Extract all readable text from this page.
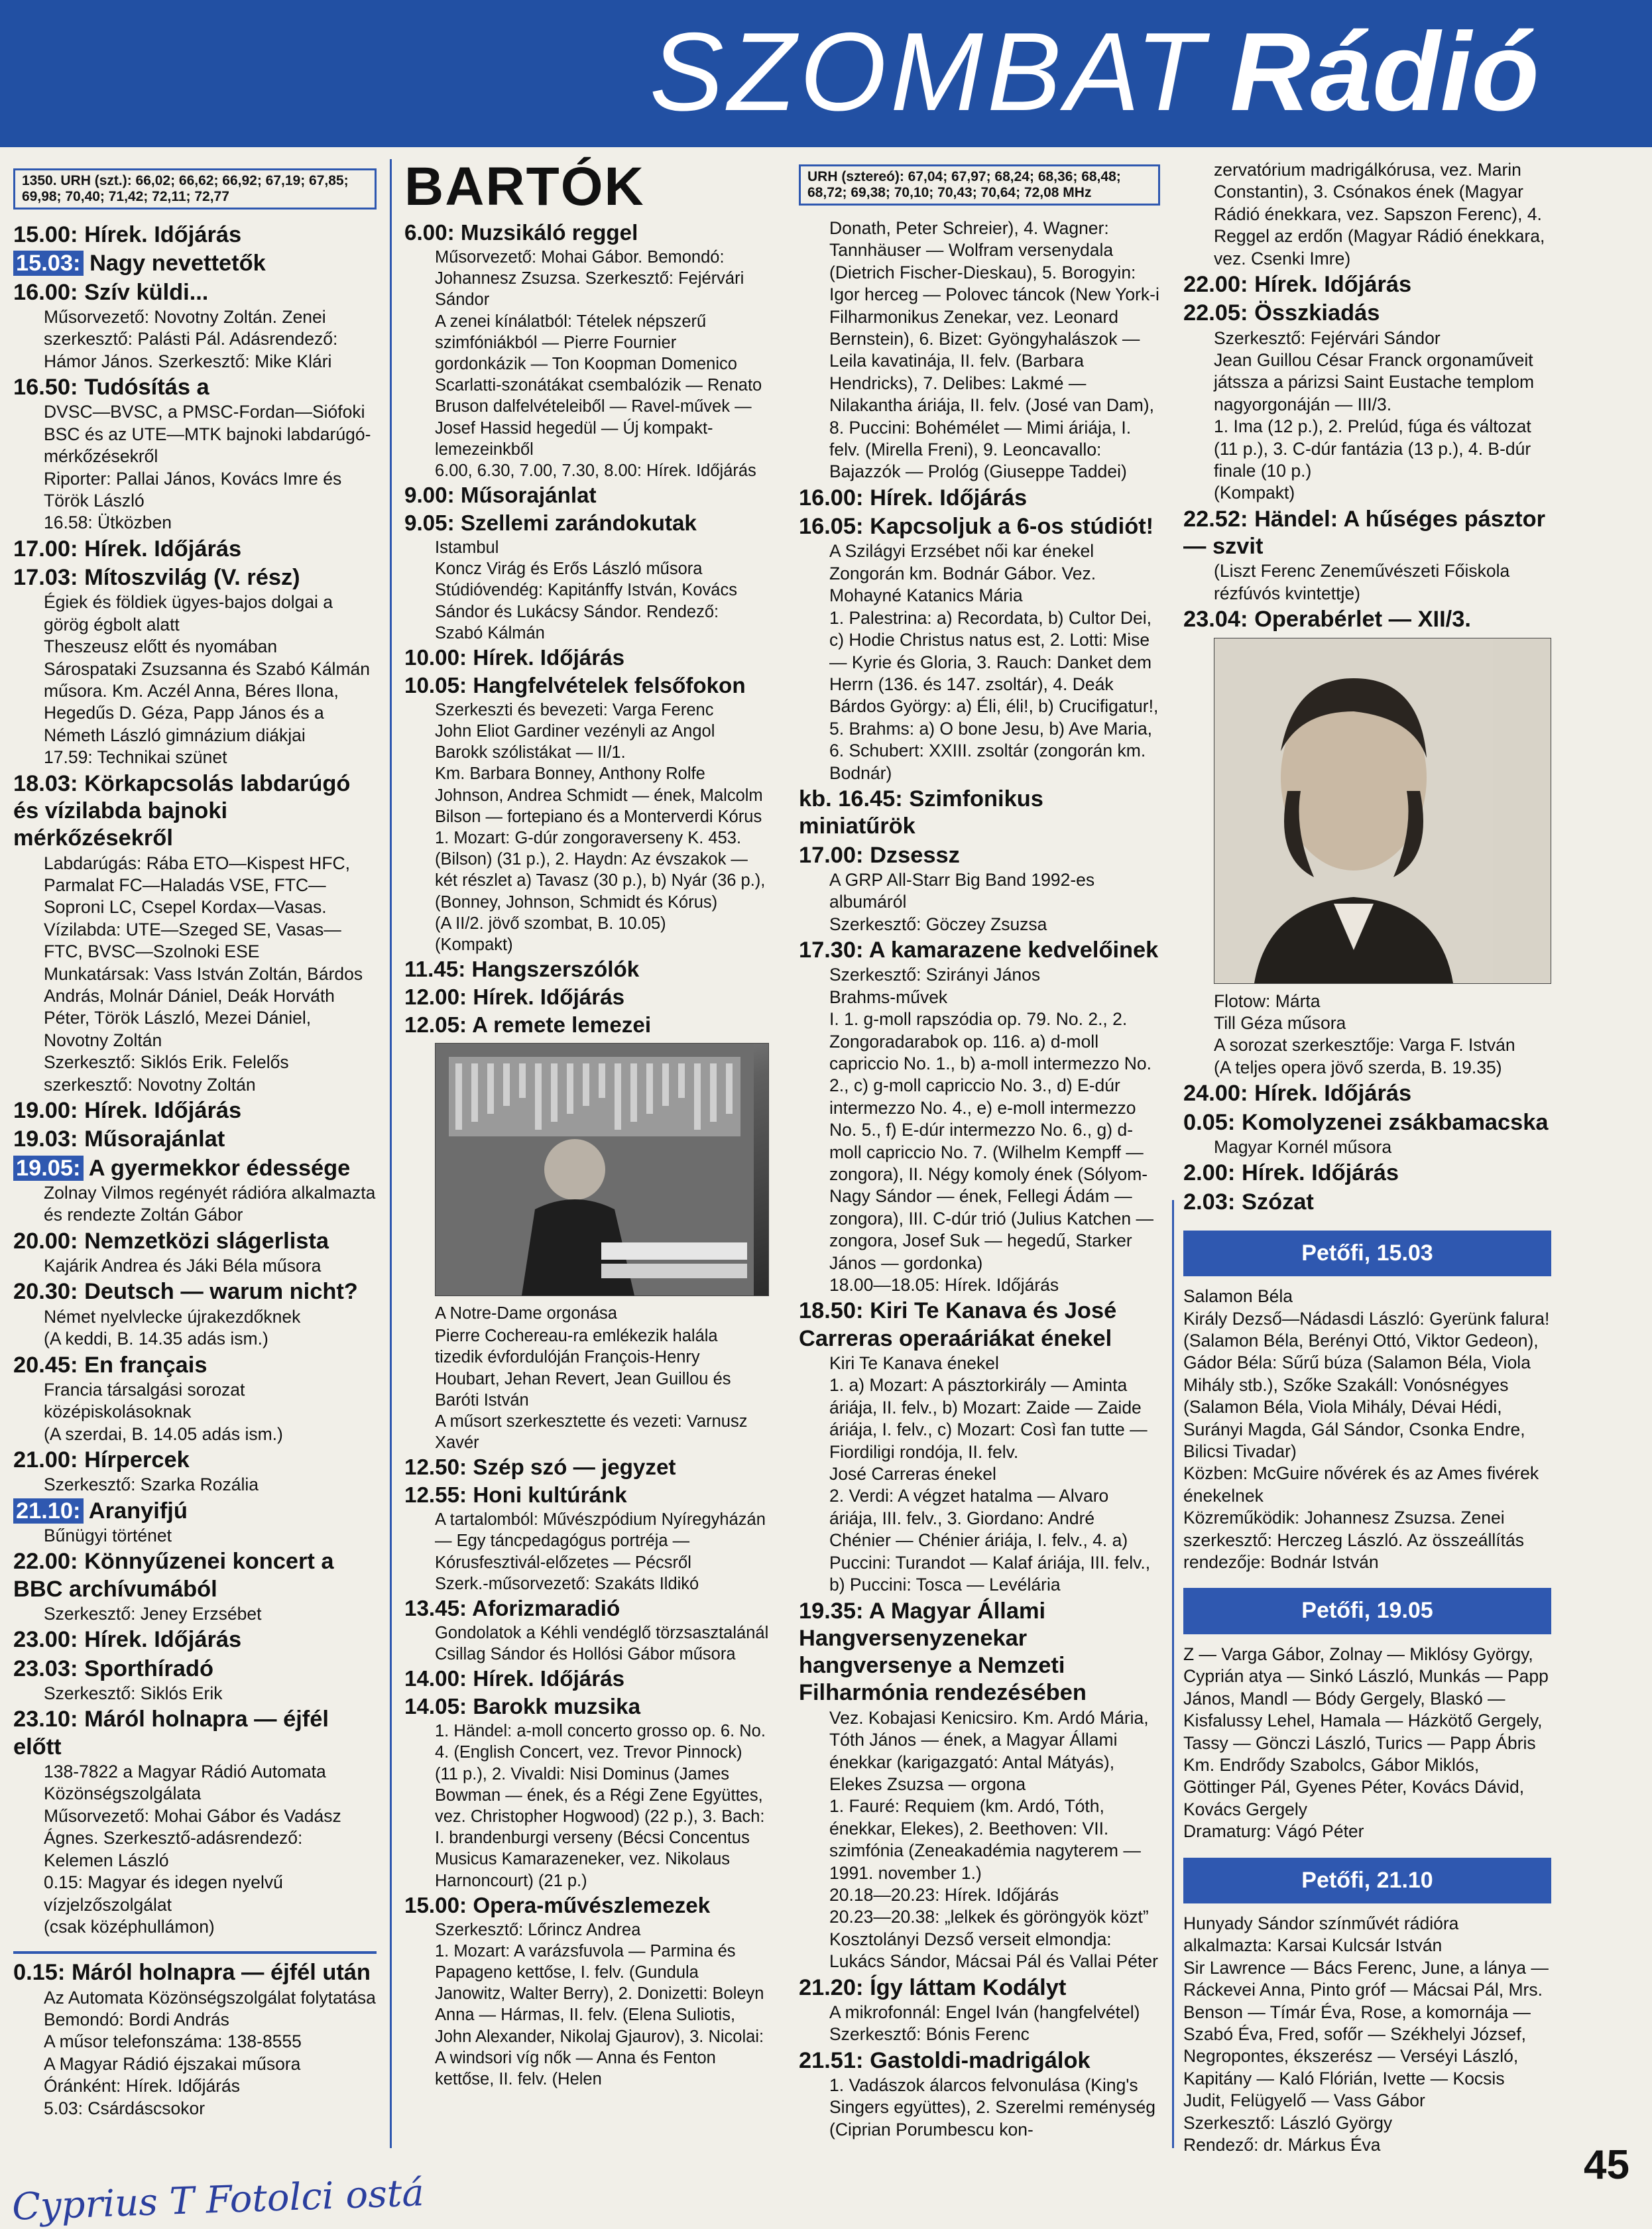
SZOMBAT Rádió
1350. URH (szt.): 66,02; 66,62; 66,92; 67,19; 67,85; 69,98; 70,40; 71,42; 72,11; 72,77
15.00: Hírek. Időjárás
15.03: Nagy nevettetők
16.00: Szív küldi...

Műsorvezető: Novotny Zoltán. Zenei szerkesztő: Palásti Pál. Adásrendező: Hámor János. Szerkesztő: Mike Klári

16.50: Tudósítás a

DVSC—BVSC, a PMSC-Fordan—Siófoki BSC és az UTE—MTK bajnoki labdarúgó-mérkőzésekről

Riporter: Pallai János, Kovács Imre és Török László

16.58: Ütközben

17.00: Hírek. Időjárás
17.03: Mítoszvilág (V. rész)

Égiek és földiek ügyes-bajos dolgai a görög égbolt alatt

Theszeusz előtt és nyomában

Sárospataki Zsuzsanna és Szabó Kálmán műsora. Km. Aczél Anna, Béres Ilona, Hegedűs D. Géza, Papp János és a Németh László gimnázium diákjai

17.59: Technikai szünet

18.03: Körkapcsolás labdarúgó és vízilabda bajnoki mérkőzésekről

Labdarúgás: Rába ETO—Kispest HFC, Parmalat FC—Haladás VSE, FTC—Soproni LC, Csepel Kordax—Vasas.

Vízilabda: UTE—Szeged SE, Vasas—FTC, BVSC—Szolnoki ESE

Munkatársak: Vass István Zoltán, Bárdos András, Molnár Dániel, Deák Horváth Péter, Török László, Mezei Dániel, Novotny Zoltán

Szerkesztő: Siklós Erik. Felelős szerkesztő: Novotny Zoltán

19.00: Hírek. Időjárás
19.03: Műsorajánlat
19.05: A gyermekkor édessége

Zolnay Vilmos regényét rádióra alkalmazta és rendezte Zoltán Gábor

20.00: Nemzetközi slágerlista

Kajárik Andrea és Jáki Béla műsora

20.30: Deutsch — warum nicht?

Német nyelvlecke újrakezdőknek

(A keddi, B. 14.35 adás ism.)

20.45: En français

Francia társalgási sorozat középiskolásoknak

(A szerdai, B. 14.05 adás ism.)

21.00: Hírpercek

Szerkesztő: Szarka Rozália

21.10: Aranyifjú

Bűnügyi történet

22.00: Könnyűzenei koncert a BBC archívumából

Szerkesztő: Jeney Erzsébet

23.00: Hírek. Időjárás
23.03: Sporthíradó

Szerkesztő: Siklós Erik

23.10: Máról holnapra — éjfél előtt

138-7822 a Magyar Rádió Automata Közönségszolgálata

Műsorvezető: Mohai Gábor és Vadász Ágnes. Szerkesztő-adásrendező: Kelemen László

0.15: Magyar és idegen nyelvű vízjelzőszolgálat

(csak középhullámon)

0.15: Máról holnapra — éjfél után

Az Automata Közönségszolgálat folytatása

Bemondó: Bordi András

A műsor telefonszáma: 138-8555

A Magyar Rádió éjszakai műsora

Óránként: Hírek. Időjárás

5.03: Csárdáscsokor

BARTÓK
6.00: Muzsikáló reggel

Műsorvezető: Mohai Gábor. Bemondó: Johannesz Zsuzsa. Szerkesztő: Fejérvári Sándor

A zenei kínálatból: Tételek népszerű szimfóniákból — Pierre Fournier gordonkázik — Ton Koopman Domenico Scarlatti-szonátákat csembalózik — Renato Bruson dalfelvételeiből — Ravel-művek — Josef Hassid hegedül — Új kompakt-lemezeinkből

6.00, 6.30, 7.00, 7.30, 8.00: Hírek. Időjárás

9.00: Műsorajánlat
9.05: Szellemi zarándokutak

Istambul

Koncz Virág és Erős László műsora

Stúdióvendég: Kapitánffy István, Kovács Sándor és Lukácsy Sándor. Rendező: Szabó Kálmán

10.00: Hírek. Időjárás
10.05: Hangfelvételek felsőfokon

Szerkeszti és bevezeti: Varga Ferenc

John Eliot Gardiner vezényli az Angol Barokk szólistákat — II/1.

Km. Barbara Bonney, Anthony Rolfe Johnson, Andrea Schmidt — ének, Malcolm Bilson — fortepiano és a Monterverdi Kórus

1. Mozart: G-dúr zongoraverseny K. 453. (Bilson) (31 p.), 2. Haydn: Az évszakok — két részlet a) Tavasz (30 p.), b) Nyár (36 p.), (Bonney, Johnson, Schmidt és Kórus)

(A II/2. jövő szombat, B. 10.05)

(Kompakt)

11.45: Hangszerszólók
12.00: Hírek. Időjárás
12.05: A remete lemezei

A Notre-Dame orgonása

Pierre Cochereau-ra emlékezik halála tizedik évfordulóján François-Henry Houbart, Jehan Revert, Jean Guillou és Baróti István

A műsort szerkesztette és vezeti: Varnusz Xavér

12.50: Szép szó — jegyzet
12.55: Honi kultúránk

A tartalomból: Művészpódium Nyíregyházán — Egy táncpedagógus portréja — Kórusfesztivál-előzetes — Pécsről

Szerk.-műsorvezető: Szakáts Ildikó

13.45: Aforizmaradió

Gondolatok a Kéhli vendéglő törzsasztalánál

Csillag Sándor és Hollósi Gábor műsora

14.00: Hírek. Időjárás
14.05: Barokk muzsika

1. Händel: a-moll concerto grosso op. 6. No. 4. (English Concert, vez. Trevor Pinnock) (11 p.), 2. Vivaldi: Nisi Dominus (James Bowman — ének, és a Régi Zene Együttes, vez. Christopher Hogwood) (22 p.), 3. Bach: I. brandenburgi verseny (Bécsi Concentus Musicus Kamarazeneker, vez. Nikolaus Harnoncourt) (21 p.)

15.00: Opera-művészlemezek

Szerkesztő: Lőrincz Andrea

1. Mozart: A varázsfuvola — Parmina és Papageno kettőse, I. felv. (Gundula Janowitz, Walter Berry), 2. Donizetti: Boleyn Anna — Hármas, II. felv. (Elena Suliotis, John Alexander, Nikolaj Gjaurov), 3. Nicolai: A windsori víg nők — Anna és Fenton kettőse, II. felv. (Helen

URH (sztereó): 67,04; 67,97; 68,24; 68,36; 68,48; 68,72; 69,38; 70,10; 70,43; 70,64; 72,08 MHz

Donath, Peter Schreier), 4. Wagner: Tannhäuser — Wolfram versenydala (Dietrich Fischer-Dieskau), 5. Borogyin: Igor herceg — Polovec táncok (New York-i Filharmonikus Zenekar, vez. Leonard Bernstein), 6. Bizet: Gyöngyhalászok — Leila kavatinája, II. felv. (Barbara Hendricks), 7. Delibes: Lakmé — Nilakantha áriája, II. felv. (José van Dam), 8. Puccini: Bohémélet — Mimi áriája, I. felv. (Mirella Freni), 9. Leoncavallo: Bajazzók — Prológ (Giuseppe Taddei)

16.00: Hírek. Időjárás
16.05: Kapcsoljuk a 6-os stúdiót!

A Szilágyi Erzsébet női kar énekel

Zongorán km. Bodnár Gábor. Vez. Mohayné Katanics Mária

1. Palestrina: a) Recordata, b) Cultor Dei, c) Hodie Christus natus est, 2. Lotti: Mise — Kyrie és Gloria, 3. Rauch: Danket dem Herrn (136. és 147. zsoltár), 4. Deák Bárdos György: a) Éli, éli!, b) Crucifigatur!, 5. Brahms: a) O bone Jesu, b) Ave Maria, 6. Schubert: XXIII. zsoltár (zongorán km. Bodnár)

kb. 16.45: Szimfonikus miniatűrök
17.00: Dzsessz

A GRP All-Starr Big Band 1992-es albumáról

Szerkesztő: Göczey Zsuzsa

17.30: A kamarazene kedvelőinek

Szerkesztő: Szirányi János

Brahms-művek

I. 1. g-moll rapszódia op. 79. No. 2., 2. Zongoradarabok op. 116. a) d-moll capriccio No. 1., b) a-moll intermezzo No. 2., c) g-moll capriccio No. 3., d) E-dúr intermezzo No. 4., e) e-moll intermezzo No. 5., f) E-dúr intermezzo No. 6., g) d-moll capriccio No. 7. (Wilhelm Kempff — zongora), II. Négy komoly ének (Sólyom-Nagy Sándor — ének, Fellegi Ádám — zongora), III. C-dúr trió (Julius Katchen — zongora, Josef Suk — hegedű, Starker János — gordonka)

18.00—18.05: Hírek. Időjárás

18.50: Kiri Te Kanava és José Carreras operaáriákat énekel

Kiri Te Kanava énekel

1. a) Mozart: A pásztorkirály — Aminta áriája, II. felv., b) Mozart: Zaide — Zaide áriája, I. felv., c) Mozart: Così fan tutte — Fiordiligi rondója, II. felv.

José Carreras énekel

2. Verdi: A végzet hatalma — Alvaro áriája, III. felv., 3. Giordano: André Chénier — Chénier áriája, I. felv., 4. a) Puccini: Turandot — Kalaf áriája, III. felv., b) Puccini: Tosca — Levélária

19.35: A Magyar Állami Hangversenyzenekar hangversenye a Nemzeti Filharmónia rendezésében

Vez. Kobajasi Kenicsiro. Km. Ardó Mária, Tóth János — ének, a Magyar Állami énekkar (karigazgató: Antal Mátyás), Elekes Zsuzsa — orgona

1. Fauré: Requiem (km. Ardó, Tóth, énekkar, Elekes), 2. Beethoven: VII. szimfónia (Zeneakadémia nagyterem — 1991. november 1.)

20.18—20.23: Hírek. Időjárás

20.23—20.38: „lelkek és göröngyök közt”

Kosztolányi Dezső verseit elmondja: Lukács Sándor, Mácsai Pál és Vallai Péter

21.20: Így láttam Kodályt

A mikrofonnál: Engel Iván (hangfelvétel)

Szerkesztő: Bónis Ferenc

21.51: Gastoldi-madrigálok

1. Vadászok álarcos felvonulása (King's Singers együttes), 2. Szerelmi reménység (Ciprian Porumbescu kon-

zervatórium madrigálkórusa, vez. Marin Constantin), 3. Csónakos ének (Magyar Rádió énekkara, vez. Sapszon Ferenc), 4. Reggel az erdőn (Magyar Rádió énekkara, vez. Csenki Imre)

22.00: Hírek. Időjárás
22.05: Összkiadás

Szerkesztő: Fejérvári Sándor

Jean Guillou César Franck orgonaműveit játssza a párizsi Saint Eustache templom nagyorgonáján — III/3.

1. Ima (12 p.), 2. Prelúd, fúga és változat (11 p.), 3. C-dúr fantázia (13 p.), 4. B-dúr finale (10 p.)

(Kompakt)

22.52: Händel: A hűséges pásztor — szvit

(Liszt Ferenc Zeneművészeti Főiskola rézfúvós kvintettje)

23.04: Operabérlet — XII/3.

Flotow: Márta

Till Géza műsora

A sorozat szerkesztője: Varga F. István

(A teljes opera jövő szerda, B. 19.35)

24.00: Hírek. Időjárás
0.05: Komolyzenei zsákbamacska

Magyar Kornél műsora

2.00: Hírek. Időjárás
2.03: Szózat
Petőfi, 15.03
Salamon Béla
Király Dezső—Nádasdi László: Gyerünk falura! (Salamon Béla, Berényi Ottó, Viktor Gedeon), Gádor Béla: Sűrű búza (Salamon Béla, Viola Mihály stb.), Szőke Szakáll: Vonósnégyes (Salamon Béla, Viola Mihály, Dévai Hédi, Surányi Magda, Gál Sándor, Csonka Endre, Bilicsi Tivadar)
Közben: McGuire nővérek és az Ames fivérek énekelnek
Közreműködik: Johannesz Zsuzsa. Zenei szerkesztő: Herczeg László. Az összeállítás rendezője: Bodnár István
Petőfi, 19.05
Z — Varga Gábor, Zolnay — Miklósy György, Cyprián atya — Sinkó László, Munkás — Papp János, Mandl — Bódy Gergely, Blaskó — Kisfalussy Lehel, Hamala — Házkötő Gergely, Tassy — Gönczi László, Turics — Papp Ábris
Km. Endrődy Szabolcs, Gábor Miklós, Göttinger Pál, Gyenes Péter, Kovács Dávid, Kovács Gergely
Dramaturg: Vágó Péter
Petőfi, 21.10
Hunyady Sándor színművét rádióra alkalmazta: Karsai Kulcsár István
Sir Lawrence — Bács Ferenc, June, a lánya — Ráckevei Anna, Pinto gróf — Mácsai Pál, Mrs. Benson — Tímár Éva, Rose, a komornája — Szabó Éva, Fred, sofőr — Székhelyi József, Negropontes, ékszerész — Verséyi László, Kapitány — Kaló Flórián, Ivette — Kocsis Judit, Felügyelő — Vass Gábor
Szerkesztő: László György
Rendező: dr. Márkus Éva	45
Cyprius T Fotolci ostá
